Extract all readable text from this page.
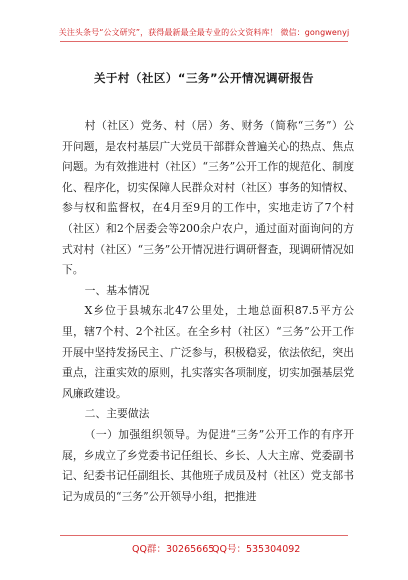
关注头条号“公文研究”，获得最新最全最专业的公文资料库！ 微信：gongwenyj
关于村（社区）“三务”公开情况调研报告

村（社区）党务、村（居）务、财务（简称“三务”）公开问题，是农村基层广大党员干部群众普遍关心的热点、焦点问题。为有效推进村（社区）“三务”公开工作的规范化、制度化、程序化，切实保障人民群众对村（社区）事务的知情权、参与权和监督权，在4月至9月的工作中，实地走访了7个村（社区）和2个居委会等200余户农户，通过面对面询问的方式对村（社区）“三务”公开情况进行调研督查，现调研情况如下。

一、基本情况

X乡位于县城东北47公里处，土地总面积87.5平方公里，辖7个村、2个社区。在全乡村（社区）“三务”公开工作开展中坚持发扬民主、广泛参与，积极稳妥，依法依纪，突出重点，注重实效的原则，扎实落实各项制度，切实加强基层党风廉政建设。

二、主要做法

（一）加强组织领导。为促进“三务”公开工作的有序开展，乡成立了乡党委书记任组长、乡长、人大主席、党委副书记、纪委书记任副组长、其他班子成员及村（社区）党支部书记为成员的“三务”公开领导小组，把推进

QQ群：30265665
QQ号：535304092
